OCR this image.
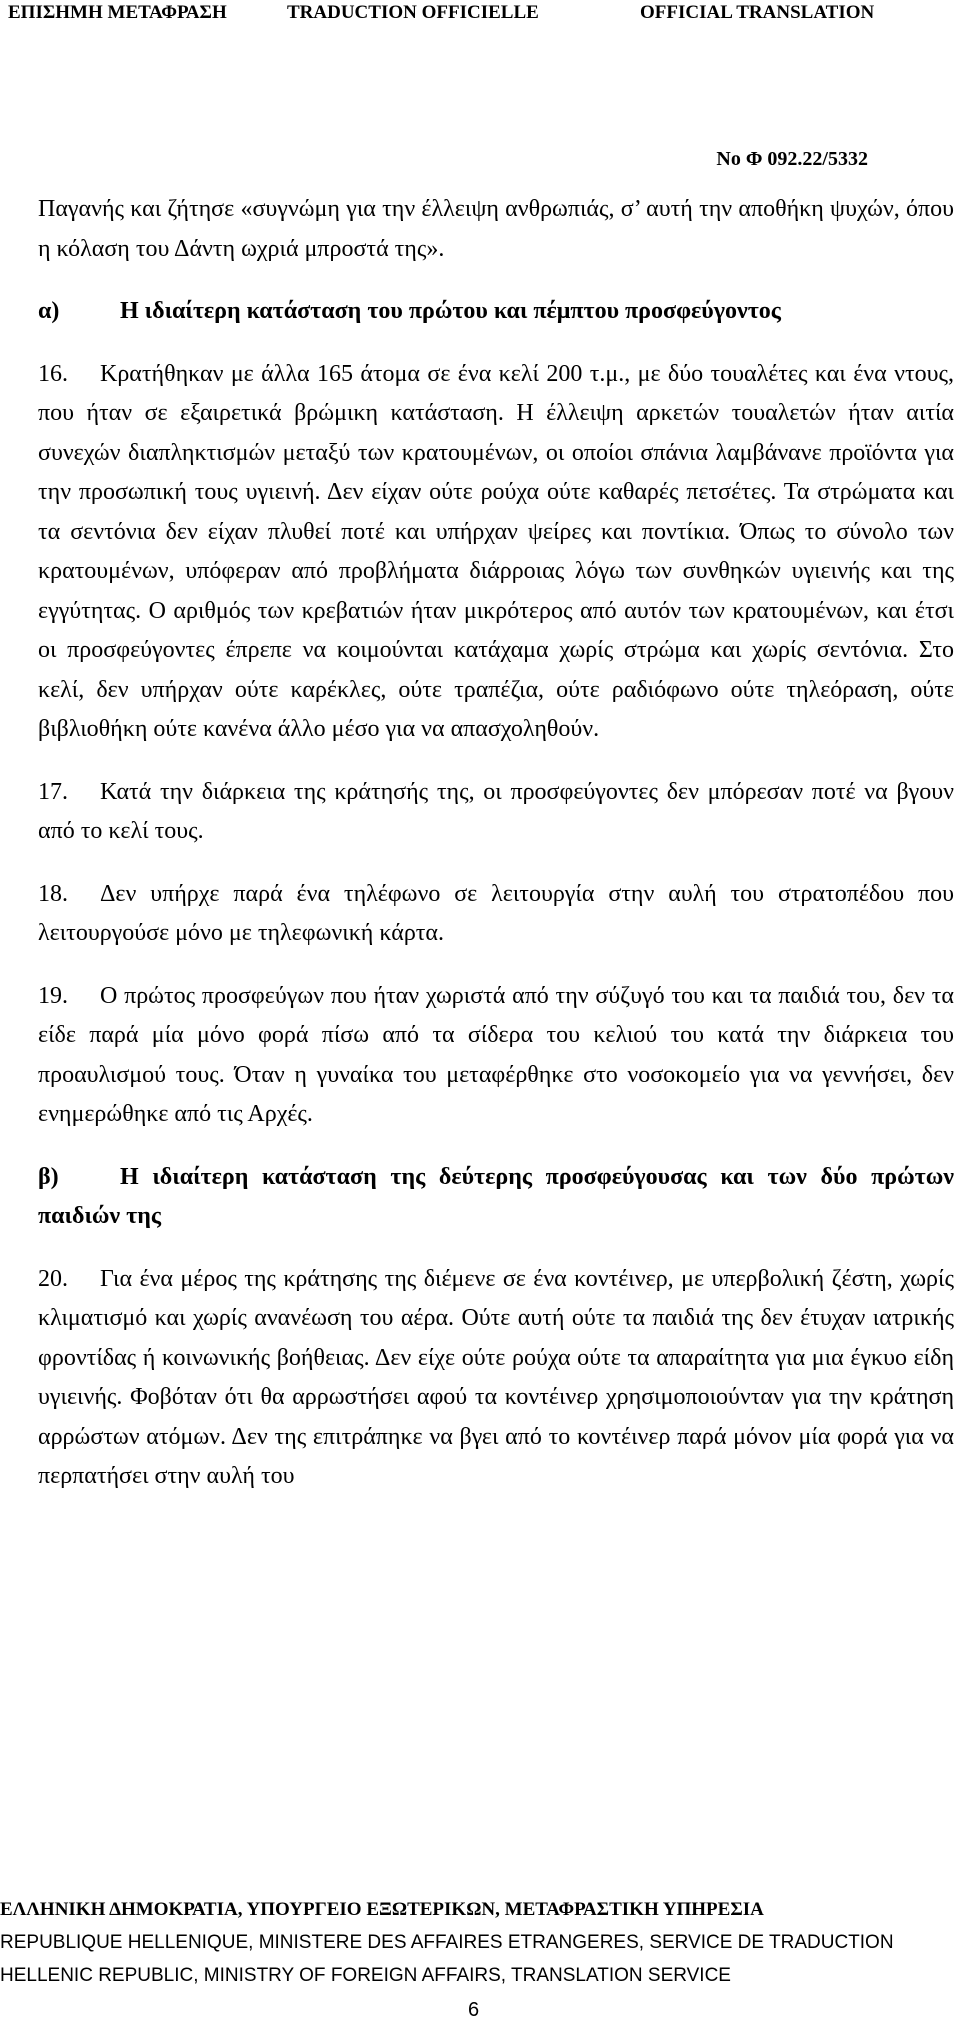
ΕΠΙΣΗΜΗ ΜΕΤΑΦΡΑΣΗ	TRADUCTION OFFICIELLE	OFFICIAL TRANSLATION
Νο Φ 092.22/5332

Παγανής και ζήτησε «συγνώμη για την έλλειψη ανθρωπιάς, σ’ αυτή την αποθήκη ψυχών, όπου η κόλαση του Δάντη ωχριά μπροστά της».

α)	Η ιδιαίτερη κατάσταση του πρώτου και πέμπτου προσφεύγοντος

16. Κρατήθηκαν με άλλα 165 άτομα σε ένα κελί 200 τ.μ., με δύο τουαλέτες και ένα ντους, που ήταν σε εξαιρετικά βρώμικη κατάσταση. Η έλλειψη αρκετών τουαλετών ήταν αιτία συνεχών διαπληκτισμών μεταξύ των κρατουμένων, οι οποίοι σπάνια λαμβάνανε προϊόντα για την προσωπική τους υγιεινή. Δεν είχαν ούτε ρούχα ούτε καθαρές πετσέτες. Τα στρώματα και τα σεντόνια δεν είχαν πλυθεί ποτέ και υπήρχαν ψείρες και ποντίκια. Όπως το σύνολο των κρατουμένων, υπόφεραν από προβλήματα διάρροιας λόγω των συνθηκών υγιεινής και της εγγύτητας. Ο αριθμός των κρεβατιών ήταν μικρότερος από αυτόν των κρατουμένων, και έτσι οι προσφεύγοντες έπρεπε να κοιμούνται κατάχαμα χωρίς στρώμα και χωρίς σεντόνια. Στο κελί, δεν υπήρχαν ούτε καρέκλες, ούτε τραπέζια, ούτε ραδιόφωνο ούτε τηλεόραση, ούτε βιβλιοθήκη ούτε κανένα άλλο μέσο για να απασχοληθούν.

17. Κατά την διάρκεια της κράτησής της, οι προσφεύγοντες δεν μπόρεσαν ποτέ να βγουν από το κελί τους.

18. Δεν υπήρχε παρά ένα τηλέφωνο σε λειτουργία στην αυλή του στρατοπέδου που λειτουργούσε μόνο με τηλεφωνική κάρτα.

19. Ο πρώτος προσφεύγων που ήταν χωριστά από την σύζυγό του και τα παιδιά του, δεν τα είδε παρά μία μόνο φορά πίσω από τα σίδερα του κελιού του κατά την διάρκεια του προαυλισμού τους. Όταν η γυναίκα του μεταφέρθηκε στο νοσοκομείο για να γεννήσει, δεν ενημερώθηκε από τις Αρχές.

β)	Η ιδιαίτερη κατάσταση της δεύτερης προσφεύγουσας και των δύο πρώτων παιδιών της

20. Για ένα μέρος της κράτησης της διέμενε σε ένα κοντέινερ, με υπερβολική ζέστη, χωρίς κλιματισμό και χωρίς ανανέωση του αέρα. Ούτε αυτή ούτε τα παιδιά της δεν έτυχαν ιατρικής φροντίδας ή κοινωνικής βοήθειας. Δεν είχε ούτε ρούχα ούτε τα απαραίτητα για μια έγκυο είδη υγιεινής. Φοβόταν ότι θα αρρωστήσει αφού τα κοντέινερ χρησιμοποιούνταν για την κράτηση αρρώστων ατόμων. Δεν της επιτράπηκε να βγει από το κοντέινερ παρά μόνον μία φορά για να περπατήσει στην αυλή του

ΕΛΛΗΝΙΚΗ ΔΗΜΟΚΡΑΤΙΑ, ΥΠΟΥΡΓΕΙΟ ΕΞΩΤΕΡΙΚΩΝ, ΜΕΤΑΦΡΑΣΤΙΚΗ ΥΠΗΡΕΣΙΑ
REPUBLIQUE HELLENIQUE, MINISTERE DES AFFAIRES ETRANGERES, SERVICE DE TRADUCTION
HELLENIC REPUBLIC, MINISTRY OF FOREIGN AFFAIRS, TRANSLATION SERVICE
6
